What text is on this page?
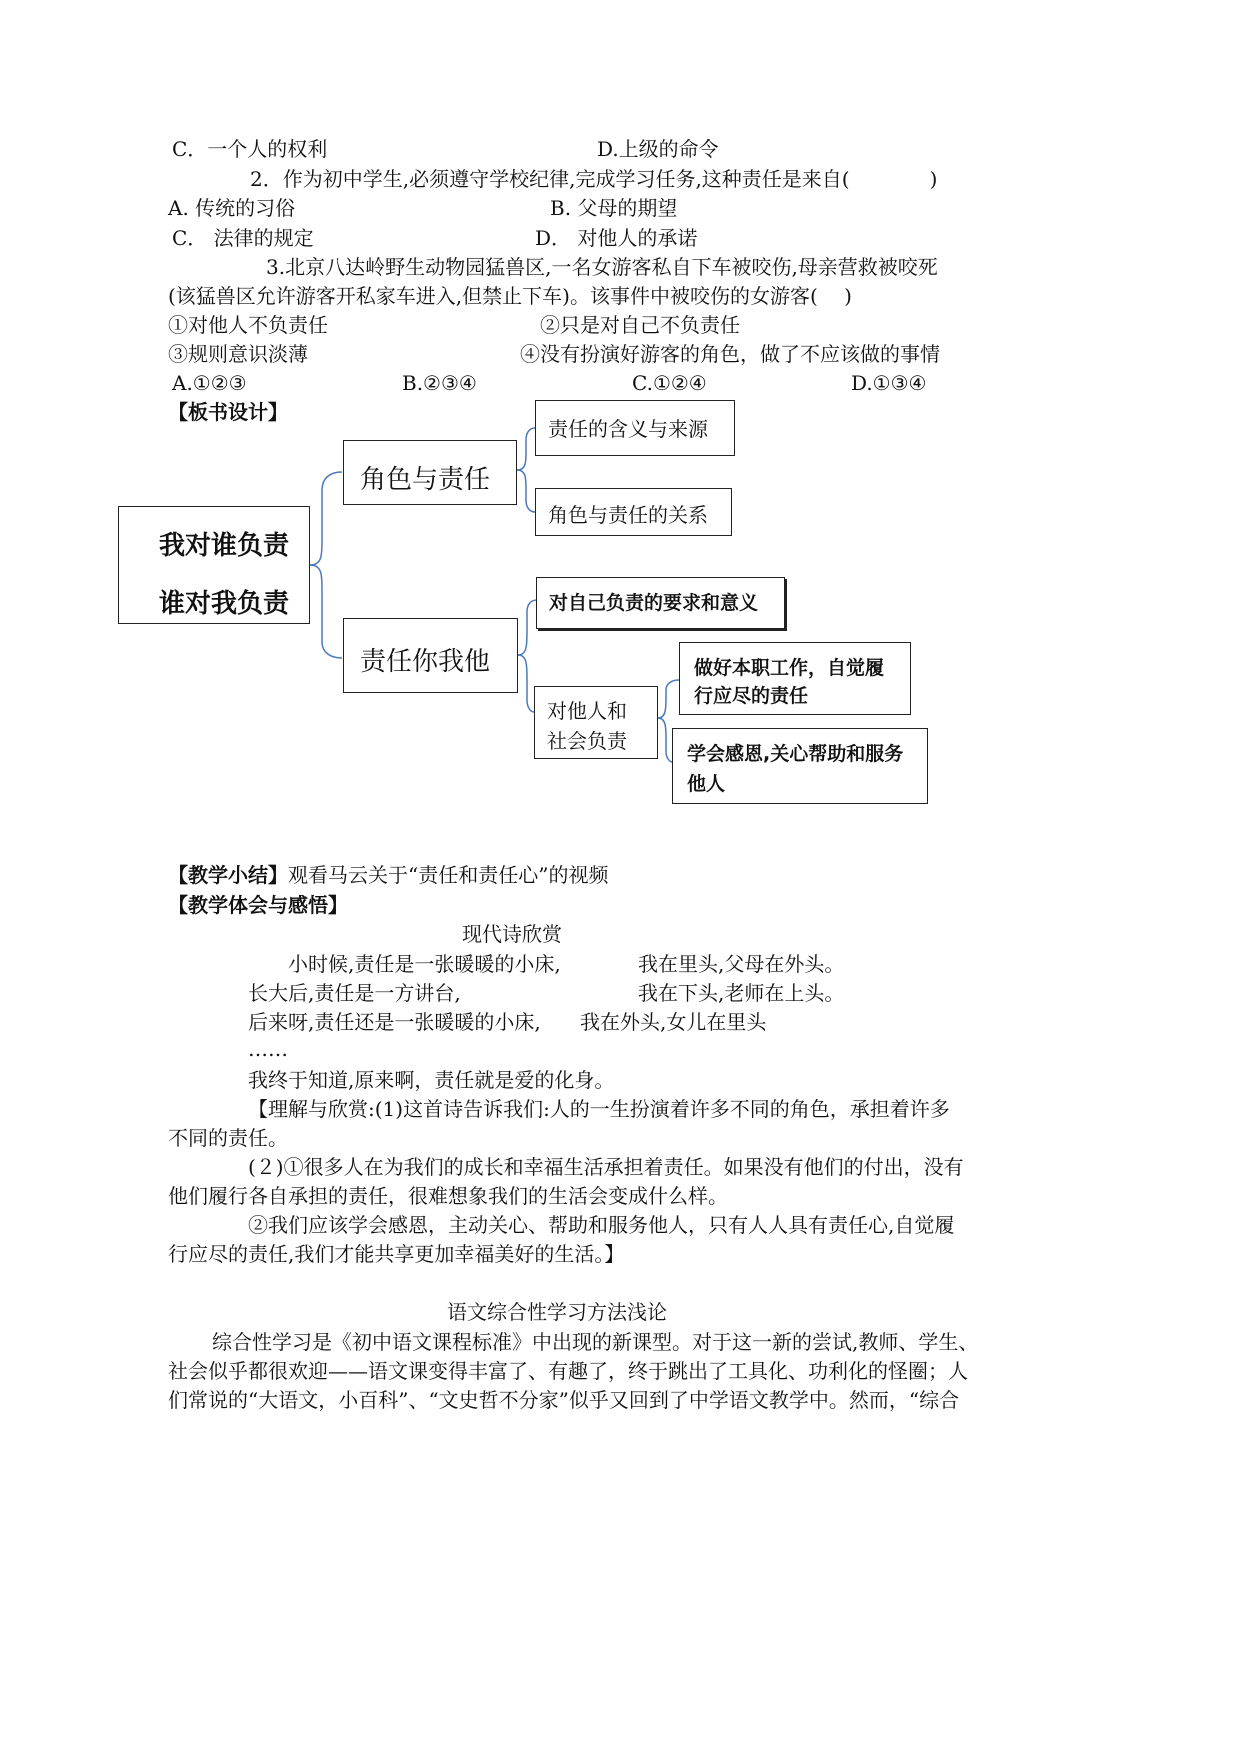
C．一个人的权利	D.上级的命令
2．作为初中学生,必须遵守学校纪律,完成学习任务,这种责任是来自(　　　　)
A. 传统的习俗	B. 父母的期望
C． 法律的规定	D． 对他人的承诺
3.北京八达岭野生动物园猛兽区,一名女游客私自下车被咬伤,母亲营救被咬死
(该猛兽区允许游客开私家车进入,但禁止下车)。该事件中被咬伤的女游客(　 )
①对他人不负责任	②只是对自己不负责任
③规则意识淡薄	④没有扮演好游客的角色，做了不应该做的事情
A.①②③	B.②③④	C.①②④	D.①③④
【板书设计】
我对谁负责
谁对我负责
角色与责任
责任的含义与来源
角色与责任的关系
责任你我他
对自己负责的要求和意义
对他人和
社会负责
做好本职工作，自觉履
行应尽的责任
学会感恩,关心帮助和服务
他人
【教学小结】观看马云关于“责任和责任心”的视频
【教学体会与感悟】
现代诗欣赏
小时候,责任是一张暖暖的小床,	我在里头,父母在外头。
长大后,责任是一方讲台,	我在下头,老师在上头。
后来呀,责任还是一张暖暖的小床, 我在外头,女儿在里头
……
我终于知道,原来啊，责任就是爱的化身。
【理解与欣赏:(1)这首诗告诉我们:人的一生扮演着许多不同的角色，承担着许多
不同的责任。
(２)①很多人在为我们的成长和幸福生活承担着责任。如果没有他们的付出，没有
他们履行各自承担的责任，很难想象我们的生活会变成什么样。
②我们应该学会感恩，主动关心、帮助和服务他人，只有人人具有责任心,自觉履
行应尽的责任,我们才能共享更加幸福美好的生活。】
语文综合性学习方法浅论
综合性学习是《初中语文课程标准》中出现的新课型。对于这一新的尝试,教师、学生、
社会似乎都很欢迎——语文课变得丰富了、有趣了，终于跳出了工具化、功利化的怪圈；人
们常说的“大语文，小百科”、“文史哲不分家”似乎又回到了中学语文教学中。然而，“综合
